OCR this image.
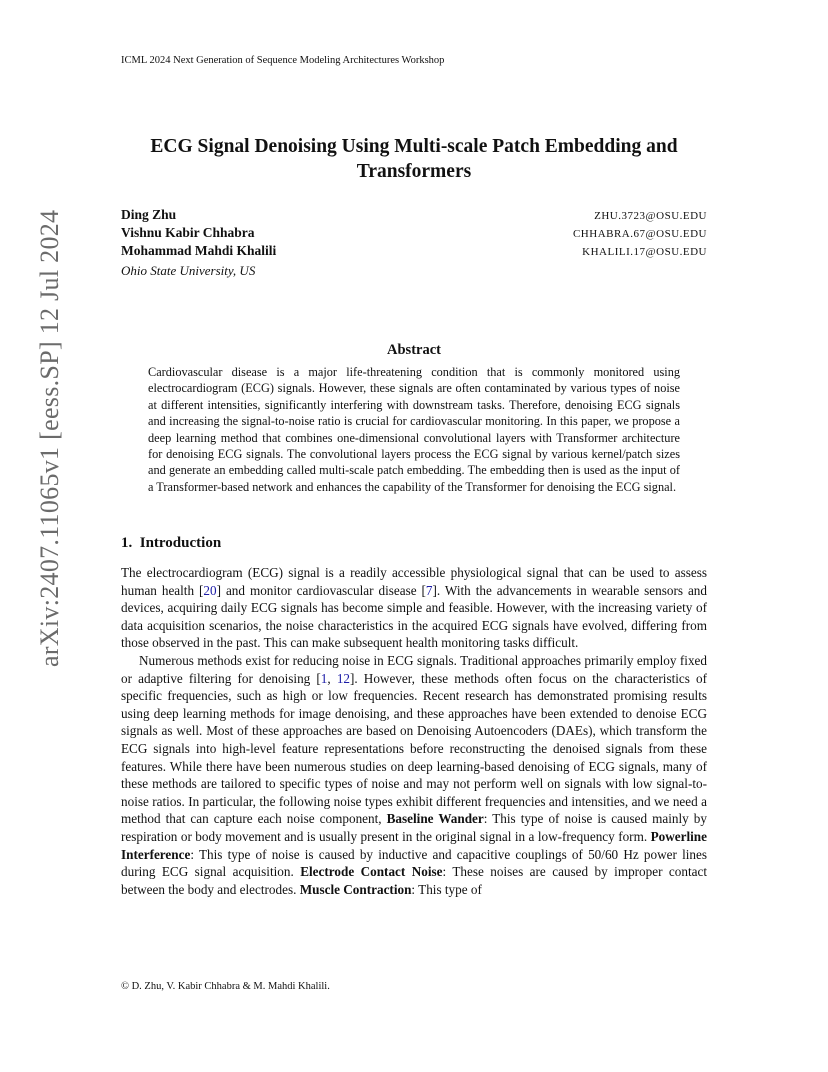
ICML 2024 Next Generation of Sequence Modeling Architectures Workshop
arXiv:2407.11065v1 [eess.SP] 12 Jul 2024
ECG Signal Denoising Using Multi-scale Patch Embedding and Transformers
Ding Zhu	ZHU.3723@OSU.EDU
Vishnu Kabir Chhabra	CHHABRA.67@OSU.EDU
Mohammad Mahdi Khalili	KHALILI.17@OSU.EDU
Ohio State University, US
Abstract
Cardiovascular disease is a major life-threatening condition that is commonly monitored using electrocardiogram (ECG) signals. However, these signals are often contaminated by various types of noise at different intensities, significantly interfering with downstream tasks. Therefore, denoising ECG signals and increasing the signal-to-noise ratio is crucial for cardiovascular monitoring. In this paper, we propose a deep learning method that combines one-dimensional convolutional layers with Transformer architecture for denoising ECG signals. The convolutional layers process the ECG signal by various kernel/patch sizes and generate an embedding called multi-scale patch embedding. The embedding then is used as the input of a Transformer-based network and enhances the capability of the Transformer for denoising the ECG signal.
1. Introduction

The electrocardiogram (ECG) signal is a readily accessible physiological signal that can be used to assess human health [20] and monitor cardiovascular disease [7]. With the advancements in wearable sensors and devices, acquiring daily ECG signals has become simple and feasible. However, with the increasing variety of data acquisition scenarios, the noise characteristics in the acquired ECG signals have evolved, differing from those observed in the past. This can make subsequent health monitoring tasks difficult.

Numerous methods exist for reducing noise in ECG signals. Traditional approaches primarily employ fixed or adaptive filtering for denoising [1, 12]. However, these methods often focus on the characteristics of specific frequencies, such as high or low frequencies. Recent research has demonstrated promising results using deep learning methods for image denoising, and these approaches have been extended to denoise ECG signals as well. Most of these approaches are based on Denoising Autoencoders (DAEs), which transform the ECG signals into high-level feature representations before reconstructing the denoised signals from these features. While there have been numerous studies on deep learning-based denoising of ECG signals, many of these methods are tailored to specific types of noise and may not perform well on signals with low signal-to-noise ratios. In particular, the following noise types exhibit different frequencies and intensities, and we need a method that can capture each noise component, Baseline Wander: This type of noise is caused mainly by respiration or body movement and is usually present in the original signal in a low-frequency form. Powerline Interference: This type of noise is caused by inductive and capacitive couplings of 50/60 Hz power lines during ECG signal acquisition. Electrode Contact Noise: These noises are caused by improper contact between the body and electrodes. Muscle Contraction: This type of

© D. Zhu, V. Kabir Chhabra & M. Mahdi Khalili.
